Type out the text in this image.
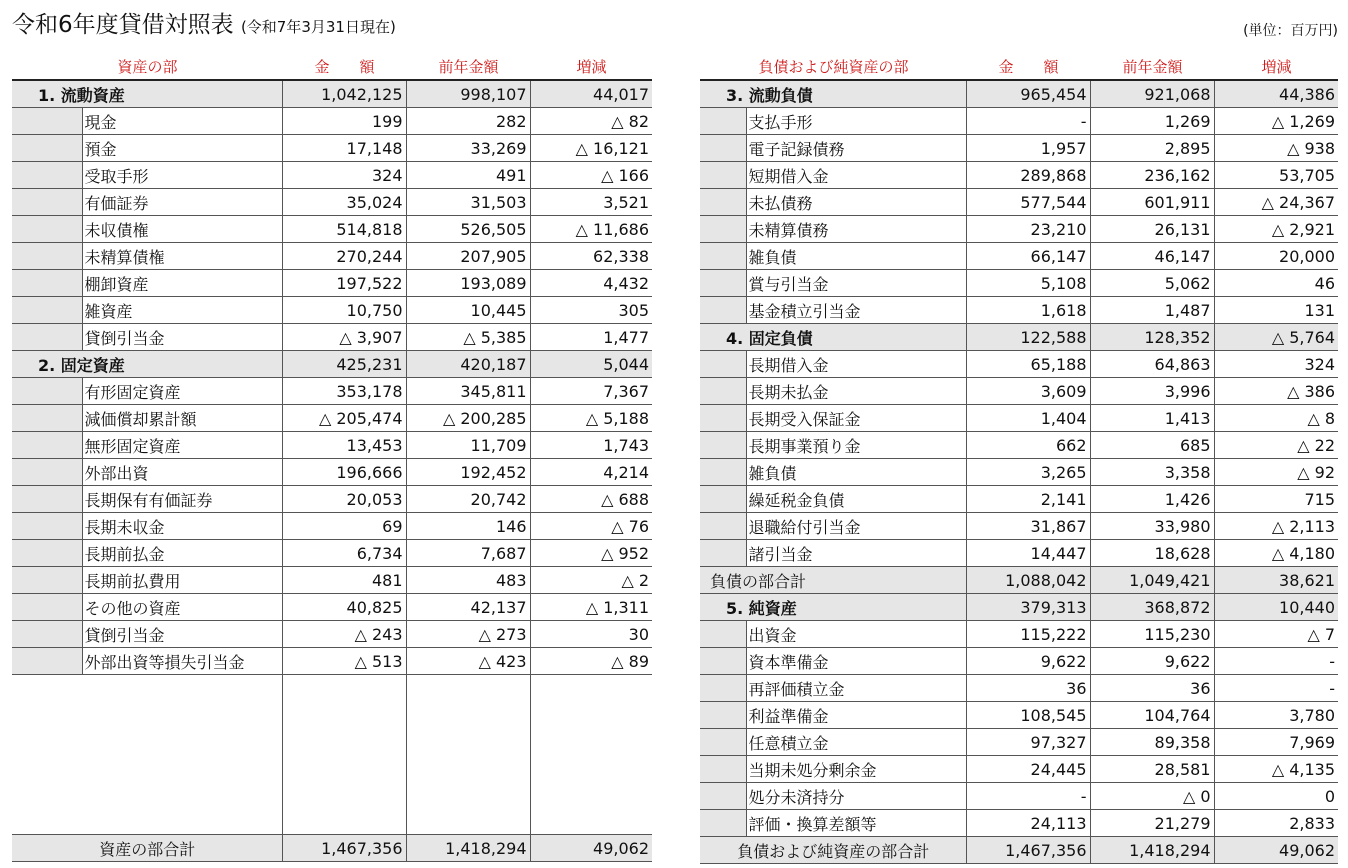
令和6年度貸借対照表 (令和7年3月31日現在)	(単位：百万円)
資産の部		金　　額	前年金額	増減
1. 流動資産		1,042,125	998,107	44,017
	現金	199	282	△ 82
	預金	17,148	33,269	△ 16,121
	受取手形	324	491	△ 166
	有価証券	35,024	31,503	3,521
	未収債権	514,818	526,505	△ 11,686
	未精算債権	270,244	207,905	62,338
	棚卸資産	197,522	193,089	4,432
	雑資産	10,750	10,445	305
	貸倒引当金	△ 3,907	△ 5,385	1,477
2. 固定資産		425,231	420,187	5,044
	有形固定資産	353,178	345,811	7,367
	減価償却累計額	△ 205,474	△ 200,285	△ 5,188
	無形固定資産	13,453	11,709	1,743
	外部出資	196,666	192,452	4,214
	長期保有有価証券	20,053	20,742	△ 688
	長期未収金	69	146	△ 76
	長期前払金	6,734	7,687	△ 952
	長期前払費用	481	483	△ 2
	その他の資産	40,825	42,137	△ 1,311
	貸倒引当金	△ 243	△ 273	30
	外部出資等損失引当金	△ 513	△ 423	△ 89

資産の部合計		1,467,356	1,418,294	49,062
負債および純資産の部		金　　額	前年金額	増減
3. 流動負債		965,454	921,068	44,386
	支払手形	-	1,269	△ 1,269
	電子記録債務	1,957	2,895	△ 938
	短期借入金	289,868	236,162	53,705
	未払債務	577,544	601,911	△ 24,367
	未精算債務	23,210	26,131	△ 2,921
	雑負債	66,147	46,147	20,000
	賞与引当金	5,108	5,062	46
	基金積立引当金	1,618	1,487	131
4. 固定負債		122,588	128,352	△ 5,764
	長期借入金	65,188	64,863	324
	長期未払金	3,609	3,996	△ 386
	長期受入保証金	1,404	1,413	△ 8
	長期事業預り金	662	685	△ 22
	雑負債	3,265	3,358	△ 92
	繰延税金負債	2,141	1,426	715
	退職給付引当金	31,867	33,980	△ 2,113
	諸引当金	14,447	18,628	△ 4,180
負債の部合計		1,088,042	1,049,421	38,621
5. 純資産		379,313	368,872	10,440
	出資金	115,222	115,230	△ 7
	資本準備金	9,622	9,622	-
	再評価積立金	36	36	-
	利益準備金	108,545	104,764	3,780
	任意積立金	97,327	89,358	7,969
	当期未処分剰余金	24,445	28,581	△ 4,135
	処分未済持分	-	△ 0	0
	評価・換算差額等	24,113	21,279	2,833
負債および純資産の部合計		1,467,356	1,418,294	49,062
